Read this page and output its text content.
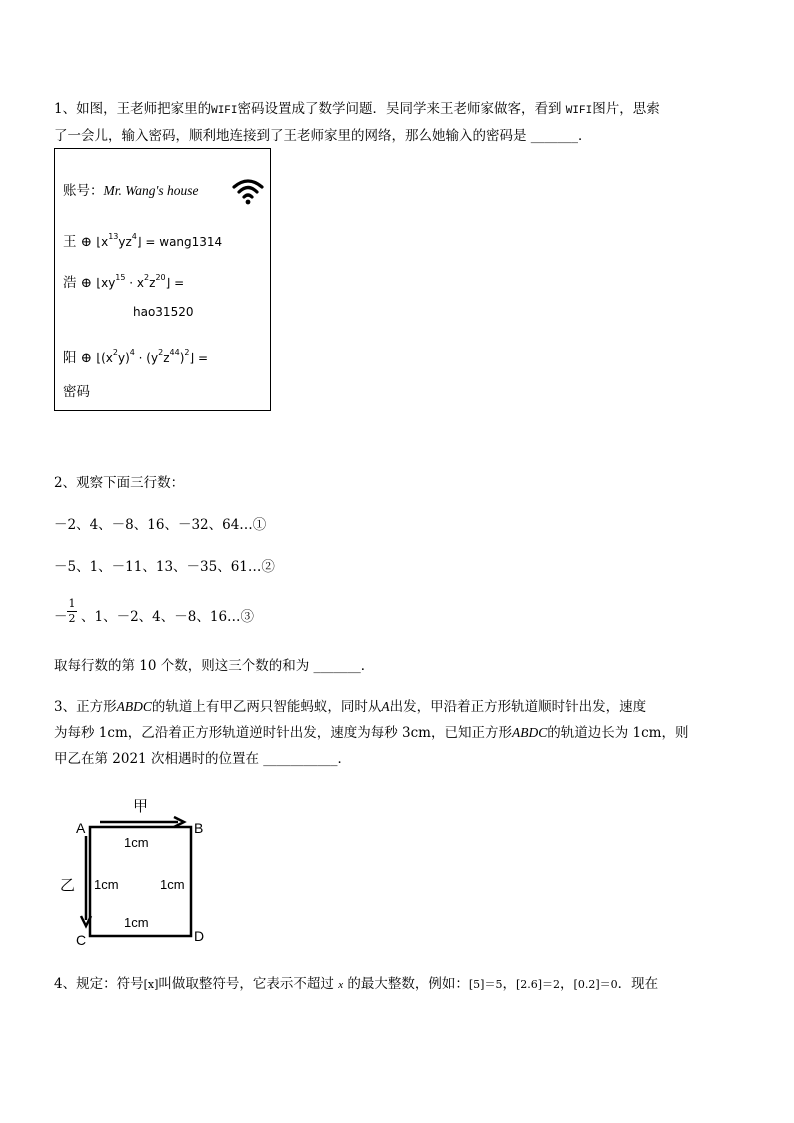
1、如图，王老师把家里的WIFI密码设置成了数学问题．吴同学来王老师家做客，看到 WIFI图片，思索
了一会儿，输入密码，顺利地连接到了王老师家里的网络，那么她输入的密码是 _______．
账号：Mr. Wang's house
王 ⊕ $⌊x^{13}yz^4⌋$ = wang1314
浩 ⊕ $⌊xy^{15}$ · $x^2z^{20}⌋$ =
hao31520
阳 ⊕ $⌊(x^2y)^4$ · $(y^2z^{44})^2⌋$ =
密码
2、观察下面三行数：
－2、4、－8、16、－32、64…①
－5、1、－11、13、－35、61…②
－
1
2 、1、－2、4、－8、16…③
取每行数的第 10 个数，则这三个数的和为 _______．
3、正方形ABDC的轨道上有甲乙两只智能蚂蚁，同时从A出发，甲沿着正方形轨道顺时针出发，速度
为每秒 1cm，乙沿着正方形轨道逆时针出发，速度为每秒 3cm，已知正方形ABDC的轨道边长为 1cm，则
甲乙在第 2021 次相遇时的位置在 ___________．
甲
乙
A	B
C	D
1cm
1cm	1cm
1cm
4、规定：符号[x]叫做取整符号，它表示不超过 x 的最大整数，例如：[5]＝5，[2.6]＝2，[0.2]＝0．现在
